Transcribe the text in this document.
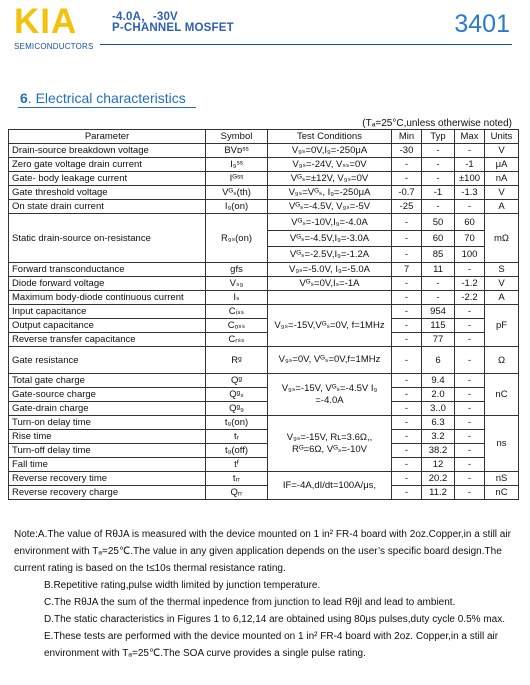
KIA
SEMICONDUCTORS
-4.0A，-30V
P-CHANNEL MOSFET	3401
6. Electrical characteristics
(Tₐ=25°C,unless otherwise noted)
Parameter	Symbol	Test Conditions	Min	Typ	Max	Units
Drain-source breakdown voltage	BVᴅˢˢ	V₉ₛ=0V,I₉=-250μA	-30	-	-	V
Zero gate voltage drain current	I₉ˢˢ	V₉ₛ=-24V, Vₛₛ=0V	-	-	-1	μA
Gate- body leakage current	Iᴳˢˢ	Vᴳₛ=±12V, V₉ₛ=0V	-	-	±100	nA
Gate threshold voltage	Vᴳₛ(th)	V₉ₛ=Vᴳₛ, I₉=-250μA	-0.7	-1	-1.3	V
On state drain current	I₉(on)	Vᴳₛ=-4.5V, V₉ₛ=-5V	-25	-	-	A
Static drain-source on-resistance	R₉ₛ(on)	Vᴳₛ=-10V,I₉=-4.0A	-	50	60	mΩ
		Vᴳₛ=-4.5V,I₉=-3.0A	-	60	70	
		Vᴳₛ=-2.5V,I₉=-1.2A	-	85	100	
Forward transconductance	gfs	V₉ₛ=-5.0V, I₉=-5.0A	7	11	-	S
Diode forward voltage	Vₛ₉	Vᴳₛ=0V,Iₛ=-1A	-	-	-1.2	V
Maximum body-diode continuous current	Iₛ		-	-	-2.2	A
Input capacitance	Cᵢₛₛ	V₉ₛ=-15V,Vᴳₛ=0V, f=1MHz	-	954	-	pF
Output capacitance	Cₒₛₛ		-	115	-	
Reverse transfer capacitance	Cᵣₛₛ		-	77	-	
Gate resistance	Rᵍ	V₉ₛ=0V, Vᴳₛ=0V,f=1MHz	-	6	-	Ω
Total gate charge	Qᵍ	V₉ₛ=-15V, Vᴳₛ=-4.5V I₉ =-4.0A	-	9.4	-	nC
Gate-source charge	Qᵍₛ		-	2.0	-	
Gate-drain charge	Qᵍ₉		-	3..0	-	
Turn-on delay time	t₉(on)	V₉ₛ=-15V, Rʟ=3.6Ω,, Rᴳ=6Ω, Vᴳₛ=-10V	-	6.3	-	ns
Rise time	tᵣ		-	3.2	-	
Turn-off delay time	t₉(off)		-	38.2	-	
Fall time	tᶠ		-	12	-	
Reverse recovery time	tᵣᵣ	IF=-4A,dI/dt=100A/μs,	-	20.2	-	nS
Reverse recovery charge	Qᵣᵣ		-	11.2	-	nC

Note:A.The value of RθJA is measured with the device mounted on 1 in² FR-4 board with 2oz.Copper,in a still air environment with Tₐ=25℃.The value in any given application depends on the user’s specific board design.The current rating is based on the t≤10s thermal resistance rating.

B.Repetitive rating,pulse width limited by junction temperature.

C.The RθJA the sum of the thermal inpedence from junction to lead Rθjl and lead to ambient.

D.The static characteristics in Figures 1 to 6,12,14 are obtained using 80μs pulses,duty cycle 0.5% max.

E.These tests are performed with the device mounted on 1 in² FR-4 board with 2oz. Copper,in a still air environment with Tₐ=25℃.The SOA curve provides a single pulse rating.
